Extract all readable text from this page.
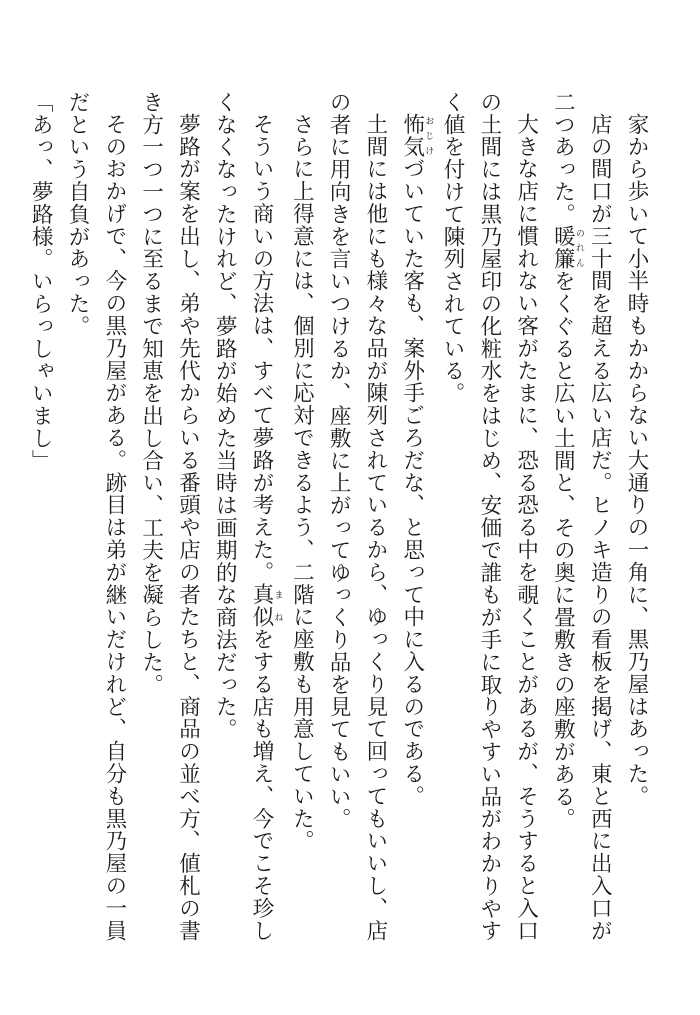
家から歩いて小半時もかからない大通りの一角に、黒乃屋はあった。

店の間口が三十間を超える広い店だ。ヒノキ造りの看板を掲げ、東と西に出入口が二つあった。暖簾のれんをくぐると広い土間と、その奥に畳敷きの座敷がある。

大きな店に慣れない客がたまに、恐る恐る中を覗くことがあるが、そうすると入口の土間には黒乃屋印の化粧水をはじめ、安価で誰もが手に取りやすい品がわかりやすく値を付けて陳列されている。

怖気おじけづいていた客も、案外手ごろだな、と思って中に入るのである。

土間には他にも様々な品が陳列されているから、ゆっくり見て回ってもいいし、店の者に用向きを言いつけるか、座敷に上がってゆっくり品を見てもいい。

さらに上得意には、個別に応対できるよう、二階に座敷も用意していた。

そういう商いの方法は、すべて夢路が考えた。真似まねをする店も増え、今でこそ珍しくなくなったけれど、夢路が始めた当時は画期的な商法だった。

夢路が案を出し、弟や先代からいる番頭や店の者たちと、商品の並べ方、値札の書き方一つ一つに至るまで知恵を出し合い、工夫を凝らした。

そのおかげで、今の黒乃屋がある。跡目は弟が継いだけれど、自分も黒乃屋の一員だという自負があった。

「あっ、夢路様。いらっしゃいまし」
